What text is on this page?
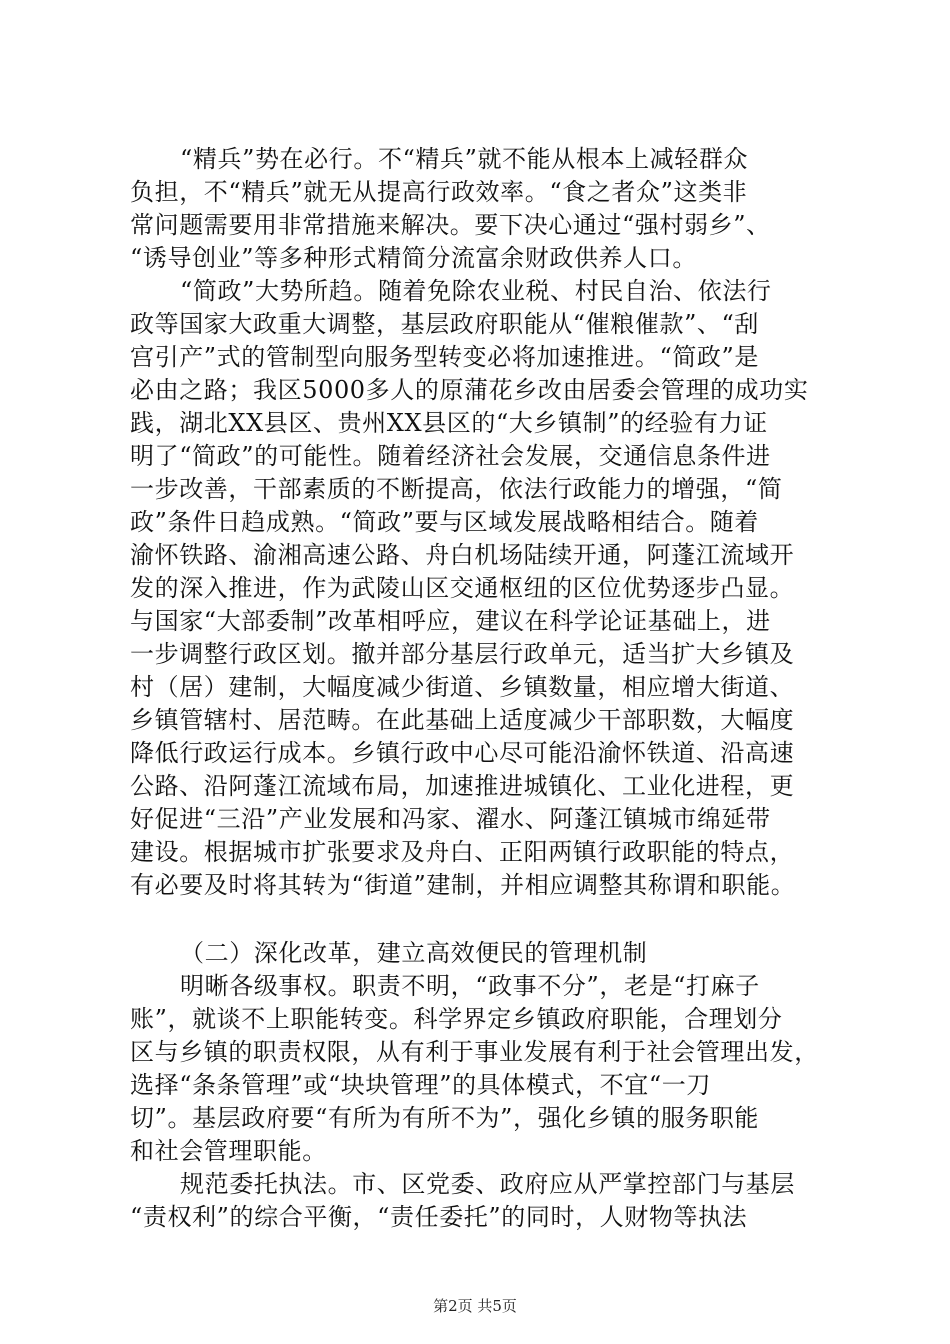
“精兵”势在必行。不“精兵”就不能从根本上减轻群众
负担，不“精兵”就无从提高行政效率。“食之者众”这类非
常问题需要用非常措施来解决。要下决心通过“强村弱乡”、
“诱导创业”等多种形式精简分流富余财政供养人口。
“简政”大势所趋。随着免除农业税、村民自治、依法行
政等国家大政重大调整，基层政府职能从“催粮催款”、“刮
宫引产”式的管制型向服务型转变必将加速推进。“简政”是
必由之路；我区5000多人的原蒲花乡改由居委会管理的成功实
践，湖北XX县区、贵州XX县区的“大乡镇制”的经验有力证
明了“简政”的可能性。随着经济社会发展，交通信息条件进
一步改善，干部素质的不断提高，依法行政能力的增强，“简
政”条件日趋成熟。“简政”要与区域发展战略相结合。随着
渝怀铁路、渝湘高速公路、舟白机场陆续开通，阿蓬江流域开
发的深入推进，作为武陵山区交通枢纽的区位优势逐步凸显。
与国家“大部委制”改革相呼应，建议在科学论证基础上，进
一步调整行政区划。撤并部分基层行政单元，适当扩大乡镇及
村（居）建制，大幅度减少街道、乡镇数量，相应增大街道、
乡镇管辖村、居范畴。在此基础上适度减少干部职数，大幅度
降低行政运行成本。乡镇行政中心尽可能沿渝怀铁道、沿高速
公路、沿阿蓬江流域布局，加速推进城镇化、工业化进程，更
好促进“三沿”产业发展和冯家、濯水、阿蓬江镇城市绵延带
建设。根据城市扩张要求及舟白、正阳两镇行政职能的特点，
有必要及时将其转为“街道”建制，并相应调整其称谓和职能。
（二）深化改革，建立高效便民的管理机制
明晰各级事权。职责不明，“政事不分”，老是“打麻子
账”，就谈不上职能转变。科学界定乡镇政府职能，合理划分
区与乡镇的职责权限，从有利于事业发展有利于社会管理出发，
选择“条条管理”或“块块管理”的具体模式，不宜“一刀
切”。基层政府要“有所为有所不为”，强化乡镇的服务职能
和社会管理职能。
规范委托执法。市、区党委、政府应从严掌控部门与基层
“责权利”的综合平衡，“责任委托”的同时，人财物等执法
第2页 共5页
